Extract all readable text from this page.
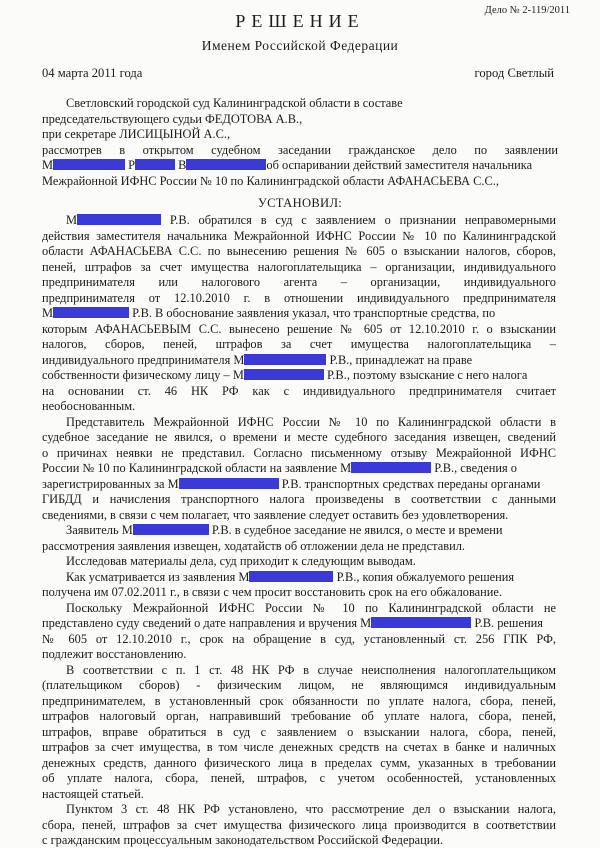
Дело № 2-119/2011
РЕШЕНИЕ
Именем Российской Федерации
04 марта 2011 года	город Светлый
Светловский городской суд Калининградской области в составе
председательствующего судьи ФЕДОТОВА А.В.,
при секретаре ЛИСИЦЫНОЙ А.С.,
рассмотрев в открытом судебном заседании гражданское дело по заявлении
М	Р	В	об оспаривании действий заместителя начальника
Межрайонной ИФНС России № 10 по Калининградской области АФАНАСЬЕВА С.С.,
УСТАНОВИЛ:
М	Р.В. обратился в суд с заявлением о признании неправомерными
действия заместителя начальника Межрайонной ИФНС России № 10 по Калининградской
области АФАНАСЬЕВА С.С. по вынесению решения № 605 о взыскании налогов, сборов,
пеней, штрафов за счет имущества налогоплательщика – организации, индивидуального
предпринимателя или налогового агента – организации, индивидуального
предпринимателя от 12.10.2010 г. в отношении индивидуального предпринимателя
М	Р.В. В обоснование заявления указал, что транспортные средства, по
которым АФАНАСЬЕВЫМ С.С. вынесено решение № 605 от 12.10.2010 г. о взыскании
налогов, сборов, пеней, штрафов за счет имущества налогоплательщика –
индивидуального предпринимателя М	Р.В., принадлежат на праве
собственности физическому лицу – М	Р.В., поэтому взыскание с него налога
на основании ст. 46 НК РФ как с индивидуального предпринимателя считает
необоснованным.
Представитель Межрайонной ИФНС России № 10 по Калининградской области в
судебное заседание не явился, о времени и месте судебного заседания извещен, сведений
о причинах неявки не представил. Согласно письменному отзыву Межрайонной ИФНС
России № 10 по Калининградской области на заявление М	Р.В., сведения о
зарегистрированных за М	Р.В. транспортных средствах переданы органами
ГИБДД и начисления транспортного налога произведены в соответствии с данными
сведениями, в связи с чем полагает, что заявление следует оставить без удовлетворения.
Заявитель М	Р.В. в судебное заседание не явился, о месте и времени
рассмотрения заявления извещен, ходатайств об отложении дела не представил.
Исследовав материалы дела, суд приходит к следующим выводам.
Как усматривается из заявления М	Р.В., копия обжалуемого решения
получена им 07.02.2011 г., в связи с чем просит восстановить срок на его обжалование.
Поскольку Межрайонной ИФНС России № 10 по Калининградской области не
представлено суду сведений о дате направления и вручения М	Р.В. решения
№ 605 от 12.10.2010 г., срок на обращение в суд, установленный ст. 256 ГПК РФ,
подлежит восстановлению.
В соответствии с п. 1 ст. 48 НК РФ в случае неисполнения налогоплательщиком
(плательщиком сборов) - физическим лицом, не являющимся индивидуальным
предпринимателем, в установленный срок обязанности по уплате налога, сбора, пеней,
штрафов налоговый орган, направивший требование об уплате налога, сбора, пеней,
штрафов, вправе обратиться в суд с заявлением о взыскании налога, сбора, пеней,
штрафов за счет имущества, в том числе денежных средств на счетах в банке и наличных
денежных средств, данного физического лица в пределах сумм, указанных в требовании
об уплате налога, сбора, пеней, штрафов, с учетом особенностей, установленных
настоящей статьей.
Пунктом 3 ст. 48 НК РФ установлено, что рассмотрение дел о взыскании налога,
сбора, пеней, штрафов за счет имущества физического лица производится в соответствии
с гражданским процессуальным законодательством Российской Федерации.
